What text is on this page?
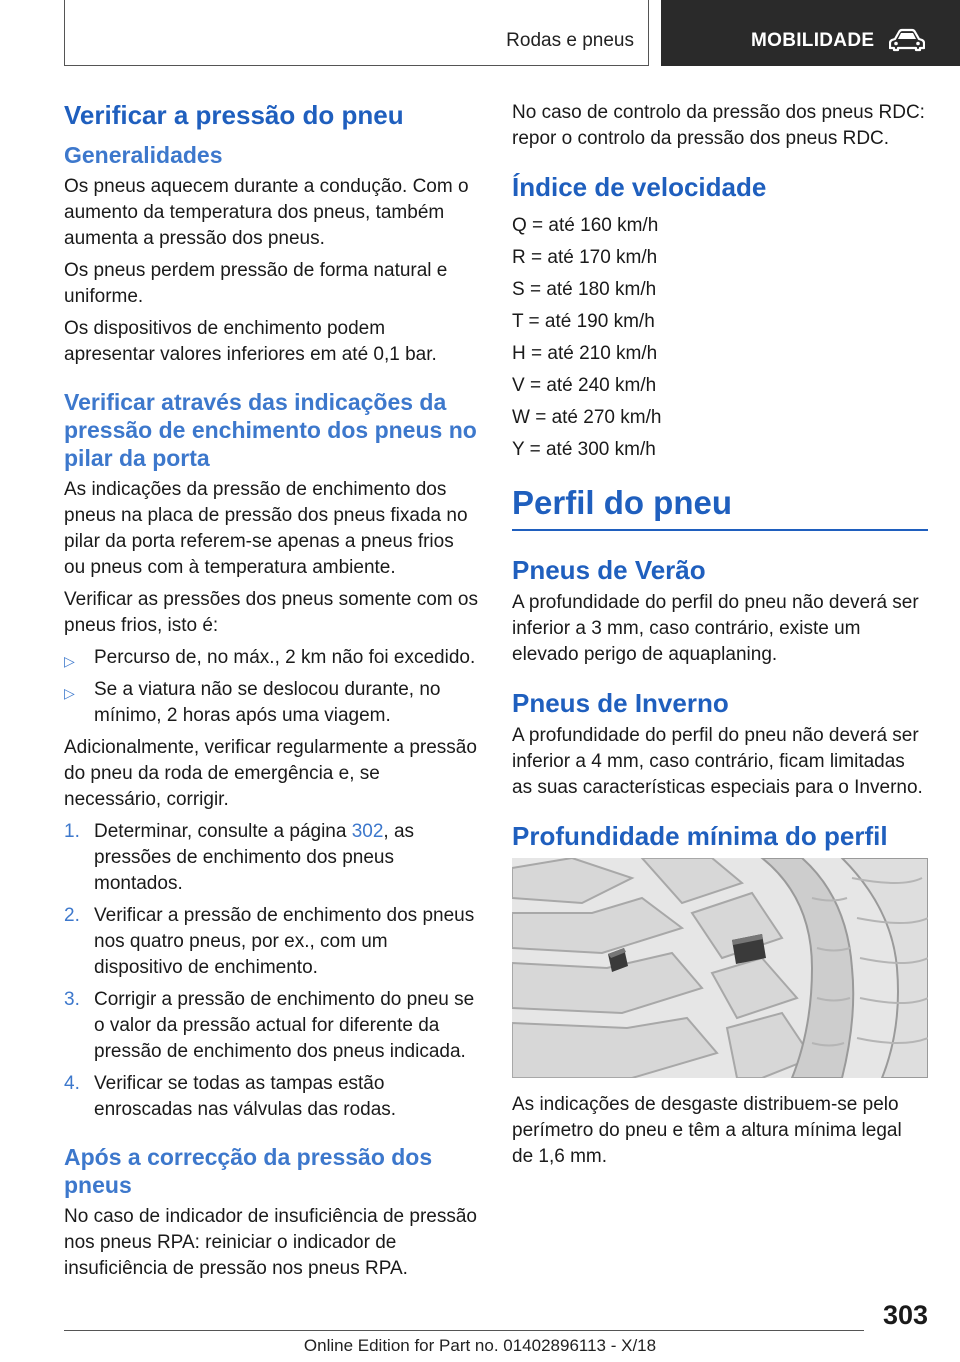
Rodas e pneus	MOBILIDADE
Verificar a pressão do pneu
Generalidades

Os pneus aquecem durante a condução. Com o aumento da temperatura dos pneus, também aumenta a pressão dos pneus.

Os pneus perdem pressão de forma natural e uniforme.

Os dispositivos de enchimento podem apresentar valores inferiores em até 0,1 bar.

Verificar através das indicações da pressão de enchimento dos pneus no pilar da porta

As indicações da pressão de enchimento dos pneus na placa de pressão dos pneus fixada no pilar da porta referem-se apenas a pneus frios ou pneus com à temperatura ambiente.

Verificar as pressões dos pneus somente com os pneus frios, isto é:

▷ Percurso de, no máx., 2 km não foi excedido.
▷ Se a viatura não se deslocou durante, no mínimo, 2 horas após uma viagem.

Adicionalmente, verificar regularmente a pressão do pneu da roda de emergência e, se necessário, corrigir.

1. Determinar, consulte a página 302, as pressões de enchimento dos pneus montados.
2. Verificar a pressão de enchimento dos pneus nos quatro pneus, por ex., com um dispositivo de enchimento.
3. Corrigir a pressão de enchimento do pneu se o valor da pressão actual for diferente da pressão de enchimento dos pneus indicada.
4. Verificar se todas as tampas estão enroscadas nas válvulas das rodas.
Após a correcção da pressão dos pneus

No caso de indicador de insuficiência de pressão nos pneus RPA: reiniciar o indicador de insuficiência de pressão nos pneus RPA.

No caso de controlo da pressão dos pneus RDC: repor o controlo da pressão dos pneus RDC.

Índice de velocidade

Q = até 160 km/h

R = até 170 km/h

S = até 180 km/h

T = até 190 km/h

H = até 210 km/h

V = até 240 km/h

W = até 270 km/h

Y = até 300 km/h

Perfil do pneu
Pneus de Verão

A profundidade do perfil do pneu não deverá ser inferior a 3 mm, caso contrário, existe um elevado perigo de aquaplaning.

Pneus de Inverno

A profundidade do perfil do pneu não deverá ser inferior a 4 mm, caso contrário, ficam limitadas as suas características especiais para o Inverno.

Profundidade mínima do perfil

As indicações de desgaste distribuem-se pelo perímetro do pneu e têm a altura mínima legal de 1,6 mm.

303
Online Edition for Part no. 01402896113 - X/18
